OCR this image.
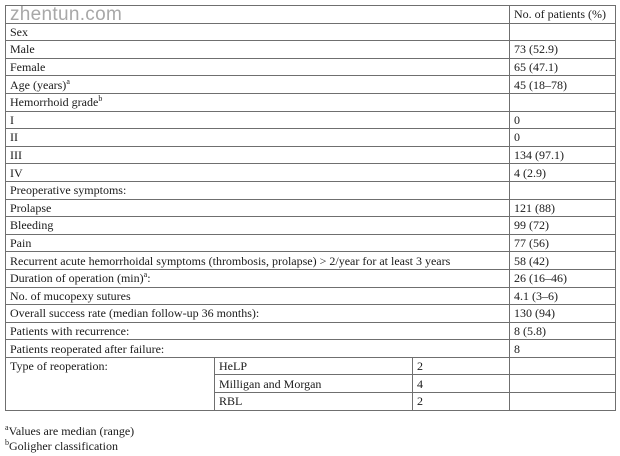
zhentun.com
			No. of patients (%)
Sex			
Male			73 (52.9)
Female			65 (47.1)
Age (years)$^a$			45 (18–78)
Hemorrhoid grade$^b$	
I			0
II			0
III			134 (97.1)
IV			4 (2.9)
Preoperative symptoms:			
Prolapse			121 (88)
Bleeding			99 (72)
Pain			77 (56)
Recurrent acute hemorrhoidal symptoms (thrombosis, prolapse) > 2/year for at least 3 years			58 (42)
Duration of operation $(\min)^a$:			26 (16–46)
No. of mucopexy sutures			4.1 (3–6)
Overall success rate (median follow-up 36 months):			130 (94)
Patients with recurrence:			8 (5.8)
Patients reoperated after failure:			8
Type of reoperation:	HeLP	2	
	Milligan and Morgan	4	
	RBL	2	
$^a$Values are median (range)
$^b$Goligher classification
